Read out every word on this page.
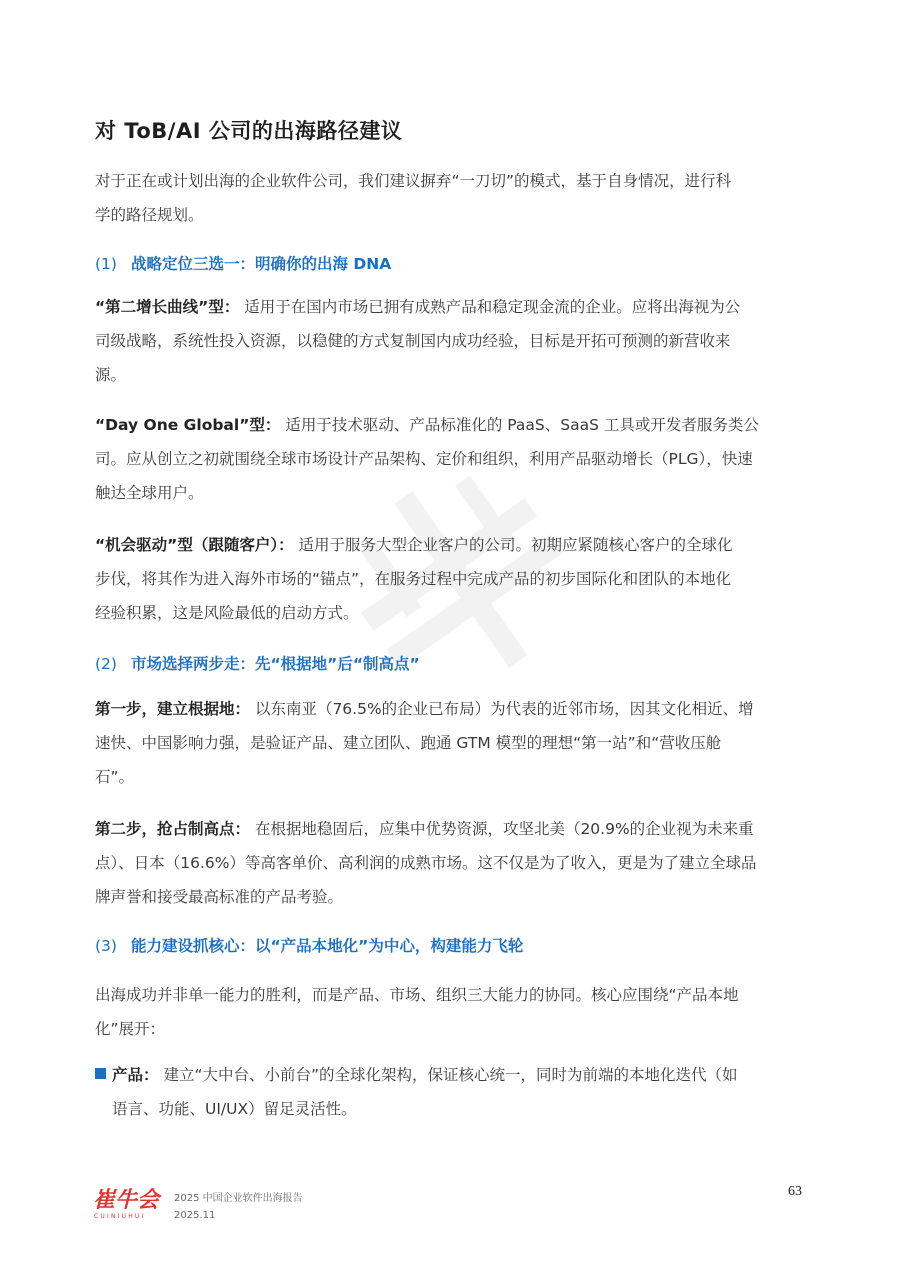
对 ToB/AI 公司的出海路径建议
对于正在或计划出海的企业软件公司，我们建议摒弃“一刀切”的模式，基于自身情况，进行科
学的路径规划。
(1) 战略定位三选一：明确你的出海 DNA
“第二增长曲线”型： 适用于在国内市场已拥有成熟产品和稳定现金流的企业。应将出海视为公
司级战略，系统性投入资源，以稳健的方式复制国内成功经验，目标是开拓可预测的新营收来
源。
“Day One Global”型： 适用于技术驱动、产品标准化的 PaaS、SaaS 工具或开发者服务类公
司。应从创立之初就围绕全球市场设计产品架构、定价和组织，利用产品驱动增长（PLG），快速
触达全球用户。
“机会驱动”型（跟随客户）： 适用于服务大型企业客户的公司。初期应紧随核心客户的全球化
步伐，将其作为进入海外市场的“锚点”，在服务过程中完成产品的初步国际化和团队的本地化
经验积累，这是风险最低的启动方式。
(2) 市场选择两步走：先“根据地”后“制高点”
第一步，建立根据地： 以东南亚（76.5%的企业已布局）为代表的近邻市场，因其文化相近、增
速快、中国影响力强，是验证产品、建立团队、跑通 GTM 模型的理想“第一站”和“营收压舱
石”。
第二步，抢占制高点： 在根据地稳固后，应集中优势资源，攻坚北美（20.9%的企业视为未来重
点）、日本（16.6%）等高客单价、高利润的成熟市场。这不仅是为了收入，更是为了建立全球品
牌声誉和接受最高标准的产品考验。
(3) 能力建设抓核心：以“产品本地化”为中心，构建能力飞轮
出海成功并非单一能力的胜利，而是产品、市场、组织三大能力的协同。核心应围绕“产品本地
化”展开：
产品： 建立“大中台、小前台”的全球化架构，保证核心统一，同时为前端的本地化迭代（如
语言、功能、UI/UX）留足灵活性。
崔牛会
CUINIUHUI
2025 中国企业软件出海报告
2025.11
63
